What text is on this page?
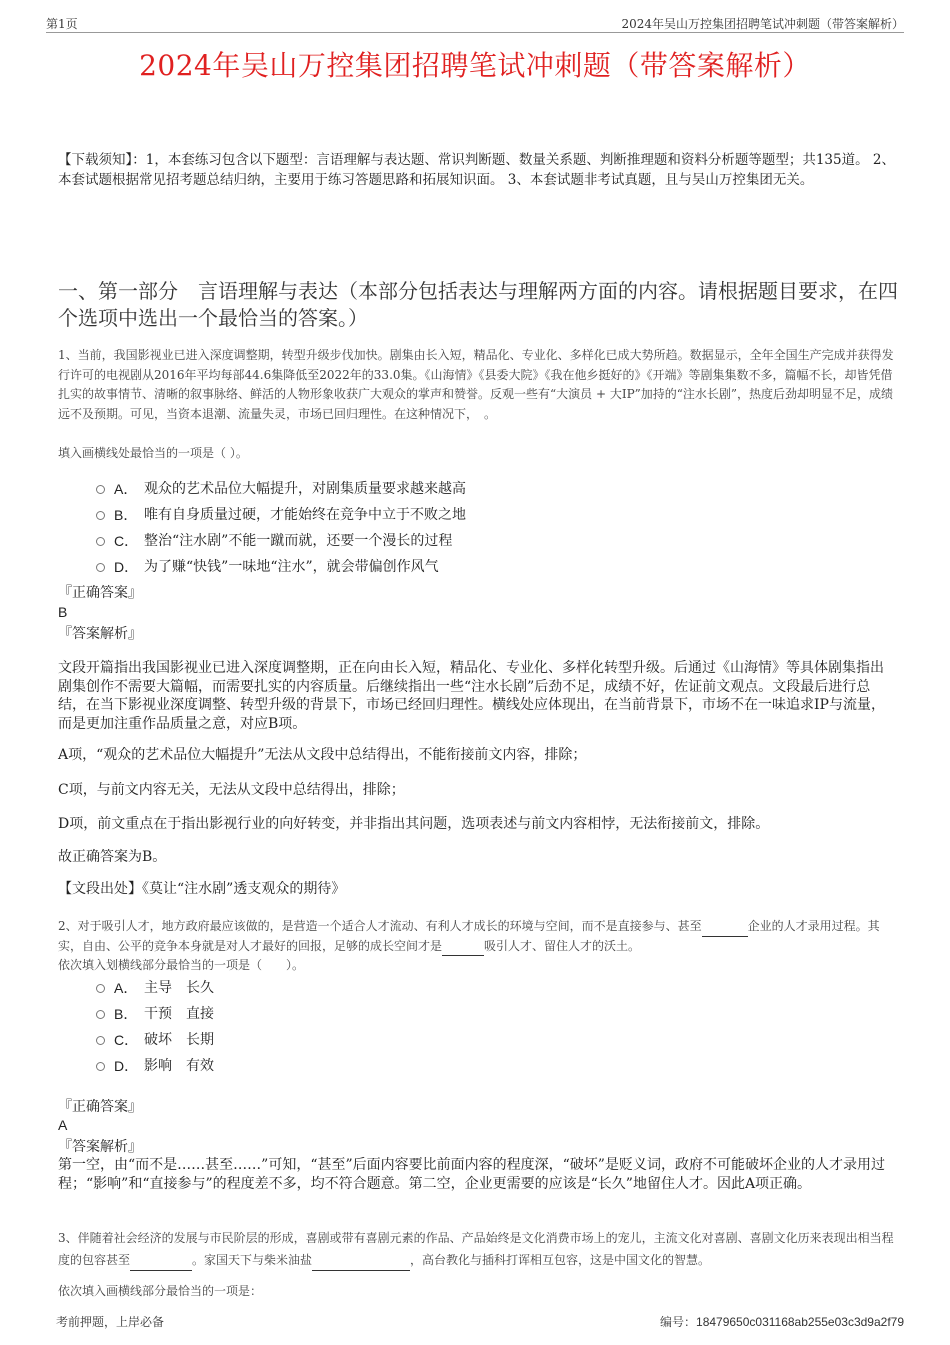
第1页	2024年吴山万控集团招聘笔试冲刺题（带答案解析）
2024年吴山万控集团招聘笔试冲刺题（带答案解析）
【下载须知】：1，本套练习包含以下题型：言语理解与表达题、常识判断题、数量关系题、判断推理题和资料分析题等题型；共135道。 2、本套试题根据常见招考题总结归纳，主要用于练习答题思路和拓展知识面。 3、本套试题非考试真题，且与吴山万控集团无关。
一、第一部分　言语理解与表达（本部分包括表达与理解两方面的内容。请根据题目要求，在四个选项中选出一个最恰当的答案。）
1、当前，我国影视业已进入深度调整期，转型升级步伐加快。剧集由长入短，精品化、专业化、多样化已成大势所趋。数据显示，全年全国生产完成并获得发行许可的电视剧从2016年平均每部44.6集降低至2022年的33.0集。《山海情》《县委大院》《我在他乡挺好的》《开端》等剧集集数不多，篇幅不长，却皆凭借扎实的故事情节、清晰的叙事脉络、鲜活的人物形象收获广大观众的掌声和赞誉。反观一些有“大演员 + 大IP”加持的“注水长剧”，热度后劲却明显不足，成绩远不及预期。可见，当资本退潮、流量失灵，市场已回归理性。在这种情况下，　。
填入画横线处最恰当的一项是（ ）。
A． 观众的艺术品位大幅提升，对剧集质量要求越来越高
B． 唯有自身质量过硬，才能始终在竞争中立于不败之地
C． 整治“注水剧”不能一蹴而就，还要一个漫长的过程
D． 为了赚“快钱”一味地“注水”，就会带偏创作风气
『正确答案』
B
『答案解析』
文段开篇指出我国影视业已进入深度调整期，正在向由长入短，精品化、专业化、多样化转型升级。后通过《山海情》等具体剧集指出剧集创作不需要大篇幅，而需要扎实的内容质量。后继续指出一些“注水长剧”后劲不足，成绩不好，佐证前文观点。文段最后进行总结，在当下影视业深度调整、转型升级的背景下，市场已经回归理性。横线处应体现出，在当前背景下，市场不在一味追求IP与流量，而是更加注重作品质量之意，对应B项。
A项，“观众的艺术品位大幅提升”无法从文段中总结得出，不能衔接前文内容，排除；
C项，与前文内容无关，无法从文段中总结得出，排除；
D项，前文重点在于指出影视行业的向好转变，并非指出其问题，选项表述与前文内容相悖，无法衔接前文，排除。
故正确答案为B。
【文段出处】《莫让“注水剧”透支观众的期待》
2、对于吸引人才，地方政府最应该做的，是营造一个适合人才流动、有利人才成长的环境与空间，而不是直接参与、甚至	企业的人才录用过程。其实，自由、公平的竞争本身就是对人才最好的回报，足够的成长空间才是	吸引人才、留住人才的沃土。
依次填入划横线部分最恰当的一项是（　　）。
A． 主导　长久
B． 干预　直接
C． 破坏　长期
D． 影响　有效
『正确答案』
A
『答案解析』
第一空，由“而不是……甚至……”可知，“甚至”后面内容要比前面内容的程度深，“破坏”是贬义词，政府不可能破坏企业的人才录用过程；“影响”和“直接参与”的程度差不多，均不符合题意。第二空，企业更需要的应该是“长久”地留住人才。因此A项正确。
3、伴随着社会经济的发展与市民阶层的形成，喜剧或带有喜剧元素的作品、产品始终是文化消费市场上的宠儿，主流文化对喜剧、喜剧文化历来表现出相当程度的包容甚至	。家国天下与柴米油盐	，高台教化与插科打诨相互包容，这是中国文化的智慧。
依次填入画横线部分最恰当的一项是：
考前押题，上岸必备	编号：18479650c031168ab255e03c3d9a2f79
